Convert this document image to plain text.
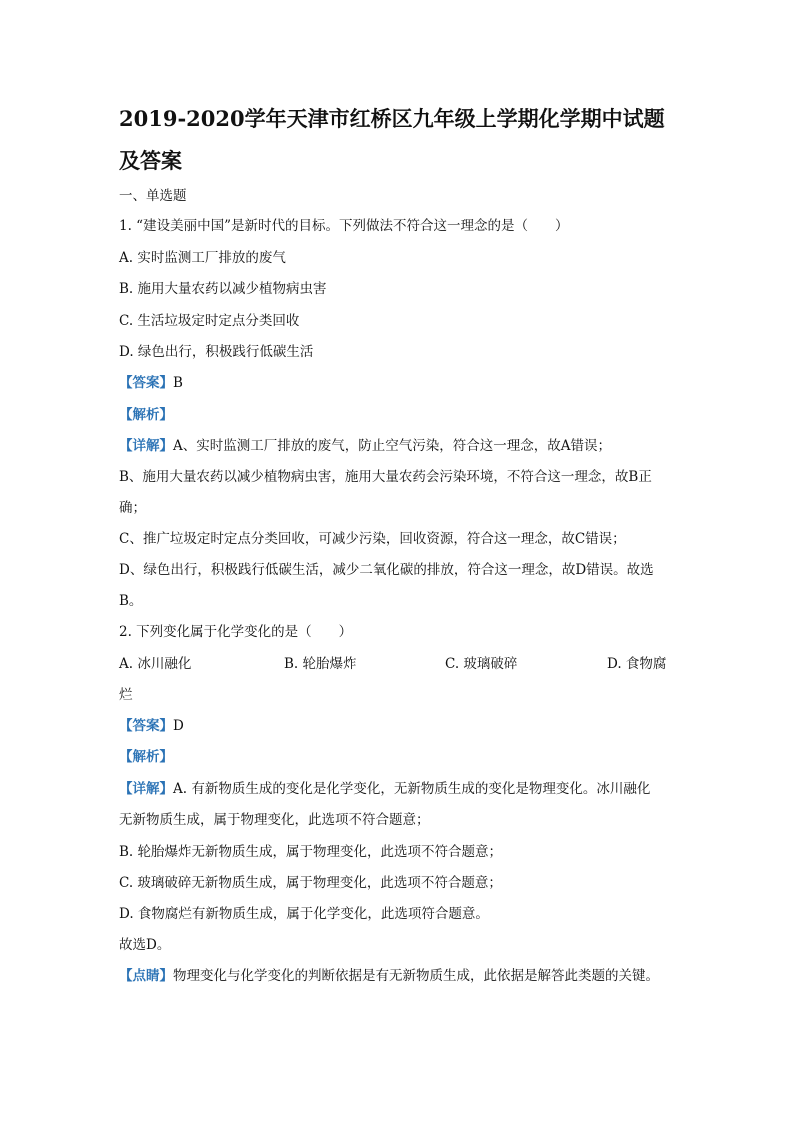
2019-2020学年天津市红桥区九年级上学期化学期中试题及答案
一、单选题
1. “建设美丽中国”是新时代的目标。下列做法不符合这一理念的是（　　）
A. 实时监测工厂排放的废气
B. 施用大量农药以减少植物病虫害
C. 生活垃圾定时定点分类回收
D. 绿色出行，积极践行低碳生活
【答案】B
【解析】
【详解】A、实时监测工厂排放的废气，防止空气污染，符合这一理念，故A错误；
B、施用大量农药以减少植物病虫害，施用大量农药会污染环境，不符合这一理念，故B正
确；
C、推广垃圾定时定点分类回收，可减少污染，回收资源，符合这一理念，故C错误；
D、绿色出行，积极践行低碳生活，减少二氧化碳的排放，符合这一理念，故D错误。故选
B。
2. 下列变化属于化学变化的是（　　）
A. 冰川融化	B. 轮胎爆炸	C. 玻璃破碎	D. 食物腐
烂
【答案】D
【解析】
【详解】A. 有新物质生成的变化是化学变化，无新物质生成的变化是物理变化。冰川融化
无新物质生成，属于物理变化，此选项不符合题意；
B. 轮胎爆炸无新物质生成，属于物理变化，此选项不符合题意；
C. 玻璃破碎无新物质生成，属于物理变化，此选项不符合题意；
D. 食物腐烂有新物质生成，属于化学变化，此选项符合题意。
故选D。
【点睛】物理变化与化学变化的判断依据是有无新物质生成，此依据是解答此类题的关键。
